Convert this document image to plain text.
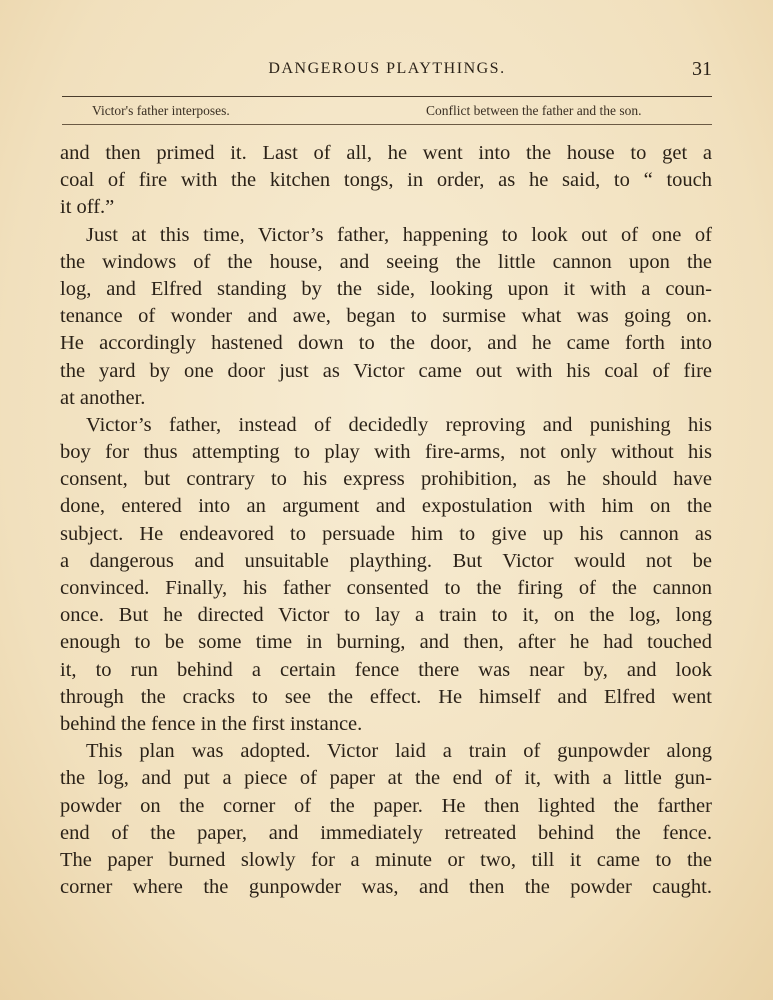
DANGEROUS PLAYTHINGS.	31
Victor's father interposes.	Conflict between the father and the son.
and then primed it. Last of all, he went into the house to get a
coal of fire with the kitchen tongs, in order, as he said, to “ touch
it off.”
Just at this time, Victor’s father, happening to look out of one of
the windows of the house, and seeing the little cannon upon the
log, and Elfred standing by the side, looking upon it with a coun-
tenance of wonder and awe, began to surmise what was going on.
He accordingly hastened down to the door, and he came forth into
the yard by one door just as Victor came out with his coal of fire
at another.
Victor’s father, instead of decidedly reproving and punishing his
boy for thus attempting to play with fire-arms, not only without his
consent, but contrary to his express prohibition, as he should have
done, entered into an argument and expostulation with him on the
subject. He endeavored to persuade him to give up his cannon as
a dangerous and unsuitable plaything. But Victor would not be
convinced. Finally, his father consented to the firing of the cannon
once. But he directed Victor to lay a train to it, on the log, long
enough to be some time in burning, and then, after he had touched
it, to run behind a certain fence there was near by, and look
through the cracks to see the effect. He himself and Elfred went
behind the fence in the first instance.
This plan was adopted. Victor laid a train of gunpowder along
the log, and put a piece of paper at the end of it, with a little gun-
powder on the corner of the paper. He then lighted the farther
end of the paper, and immediately retreated behind the fence.
The paper burned slowly for a minute or two, till it came to the
corner where the gunpowder was, and then the powder caught.
